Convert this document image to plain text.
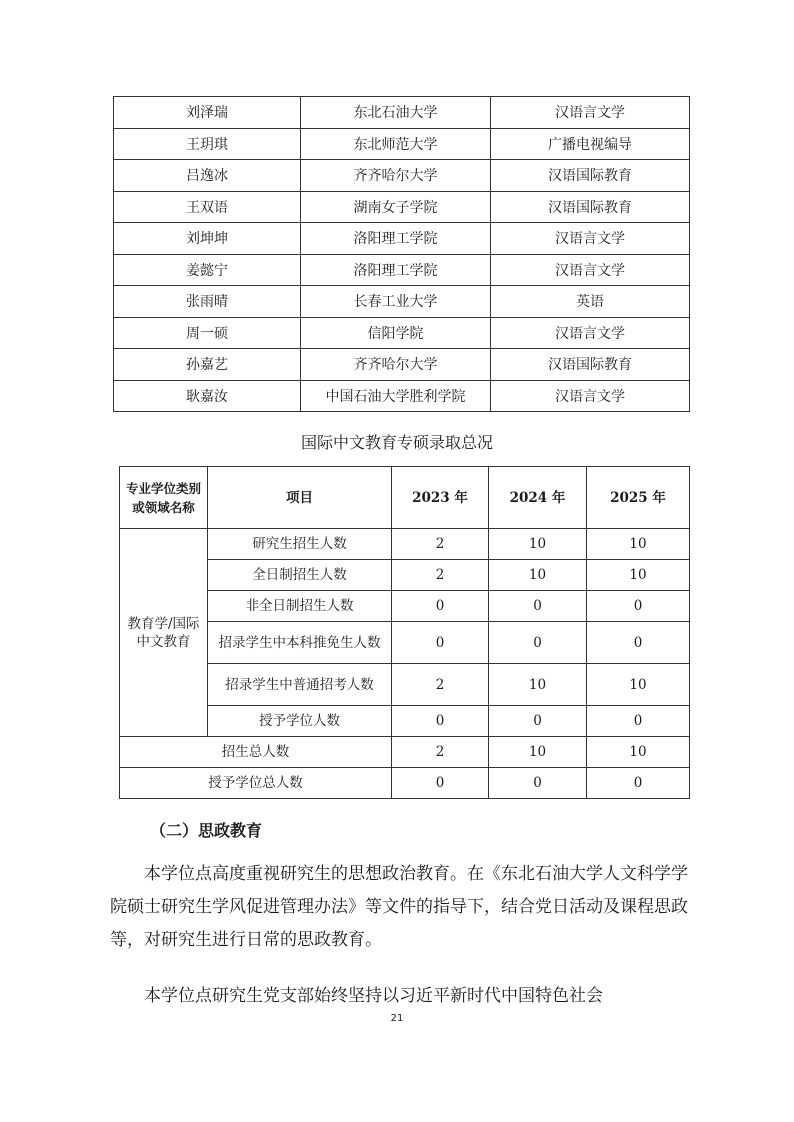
刘泽瑞	东北石油大学	汉语言文学
王玥琪	东北师范大学	广播电视编导
吕逸冰	齐齐哈尔大学	汉语国际教育
王双语	湖南女子学院	汉语国际教育
刘坤坤	洛阳理工学院	汉语言文学
姜懿宁	洛阳理工学院	汉语言文学
张雨晴	长春工业大学	英语
周一硕	信阳学院	汉语言文学
孙嘉艺	齐齐哈尔大学	汉语国际教育
耿嘉汝	中国石油大学胜利学院	汉语言文学
国际中文教育专硕录取总况
专业学位类别或领域名称	项目	2023 年	2024 年	2025 年
教育学/国际中文教育	研究生招生人数	2	10	10
	全日制招生人数	2	10	10
	非全日制招生人数	0	0	0
	招录学生中本科推免生人数	0	0	0
	招录学生中普通招考人数	2	10	10
	授予学位人数	0	0	0
招生总人数		2	10	10
授予学位总人数		0	0	0
（二）思政教育

本学位点高度重视研究生的思想政治教育。在《东北石油大学人文科学学院硕士研究生学风促进管理办法》等文件的指导下，结合党日活动及课程思政等，对研究生进行日常的思政教育。

本学位点研究生党支部始终坚持以习近平新时代中国特色社会

21
